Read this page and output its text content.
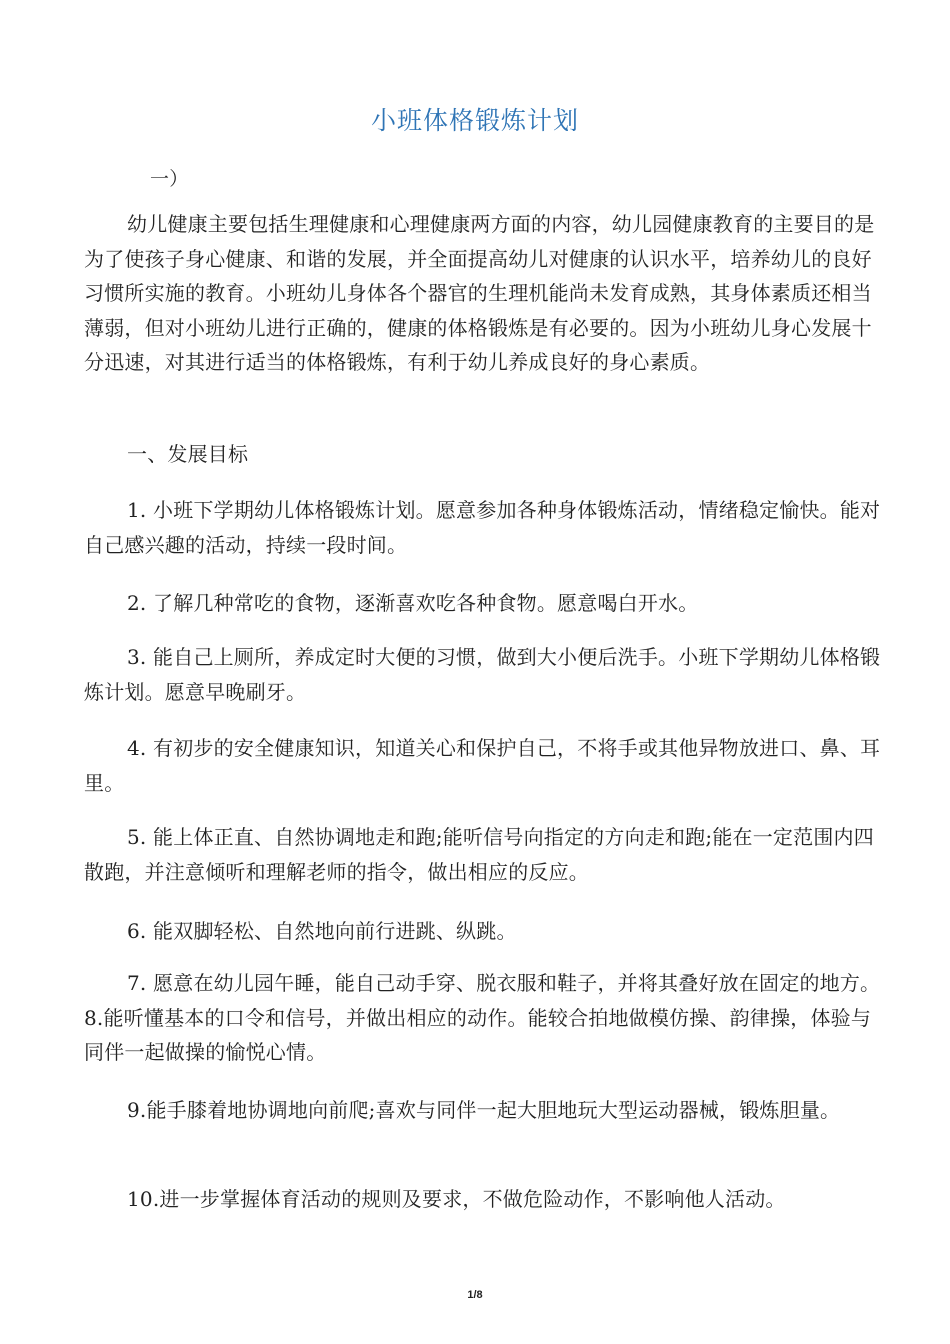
小班体格锻炼计划
一）
幼儿健康主要包括生理健康和心理健康两方面的内容，幼儿园健康教育的主要目的是为了使孩子身心健康、和谐的发展，并全面提高幼儿对健康的认识水平，培养幼儿的良好习惯所实施的教育。小班幼儿身体各个器官的生理机能尚未发育成熟，其身体素质还相当薄弱，但对小班幼儿进行正确的，健康的体格锻炼是有必要的。因为小班幼儿身心发展十分迅速，对其进行适当的体格锻炼，有利于幼儿养成良好的身心素质。
一、发展目标
1. 小班下学期幼儿体格锻炼计划。愿意参加各种身体锻炼活动，情绪稳定愉快。能对自己感兴趣的活动，持续一段时间。
2. 了解几种常吃的食物，逐渐喜欢吃各种食物。愿意喝白开水。
3. 能自己上厕所，养成定时大便的习惯，做到大小便后洗手。小班下学期幼儿体格锻炼计划。愿意早晚刷牙。
4. 有初步的安全健康知识，知道关心和保护自己，不将手或其他异物放进口、鼻、耳里。
5. 能上体正直、自然协调地走和跑;能听信号向指定的方向走和跑;能在一定范围内四散跑，并注意倾听和理解老师的指令，做出相应的反应。
6. 能双脚轻松、自然地向前行进跳、纵跳。
7. 愿意在幼儿园午睡，能自己动手穿、脱衣服和鞋子，并将其叠好放在固定的地方。8.能听懂基本的口令和信号，并做出相应的动作。能较合拍地做模仿操、韵律操，体验与同伴一起做操的愉悦心情。
9.能手膝着地协调地向前爬;喜欢与同伴一起大胆地玩大型运动器械，锻炼胆量。
10.进一步掌握体育活动的规则及要求，不做危险动作，不影响他人活动。
1/8
